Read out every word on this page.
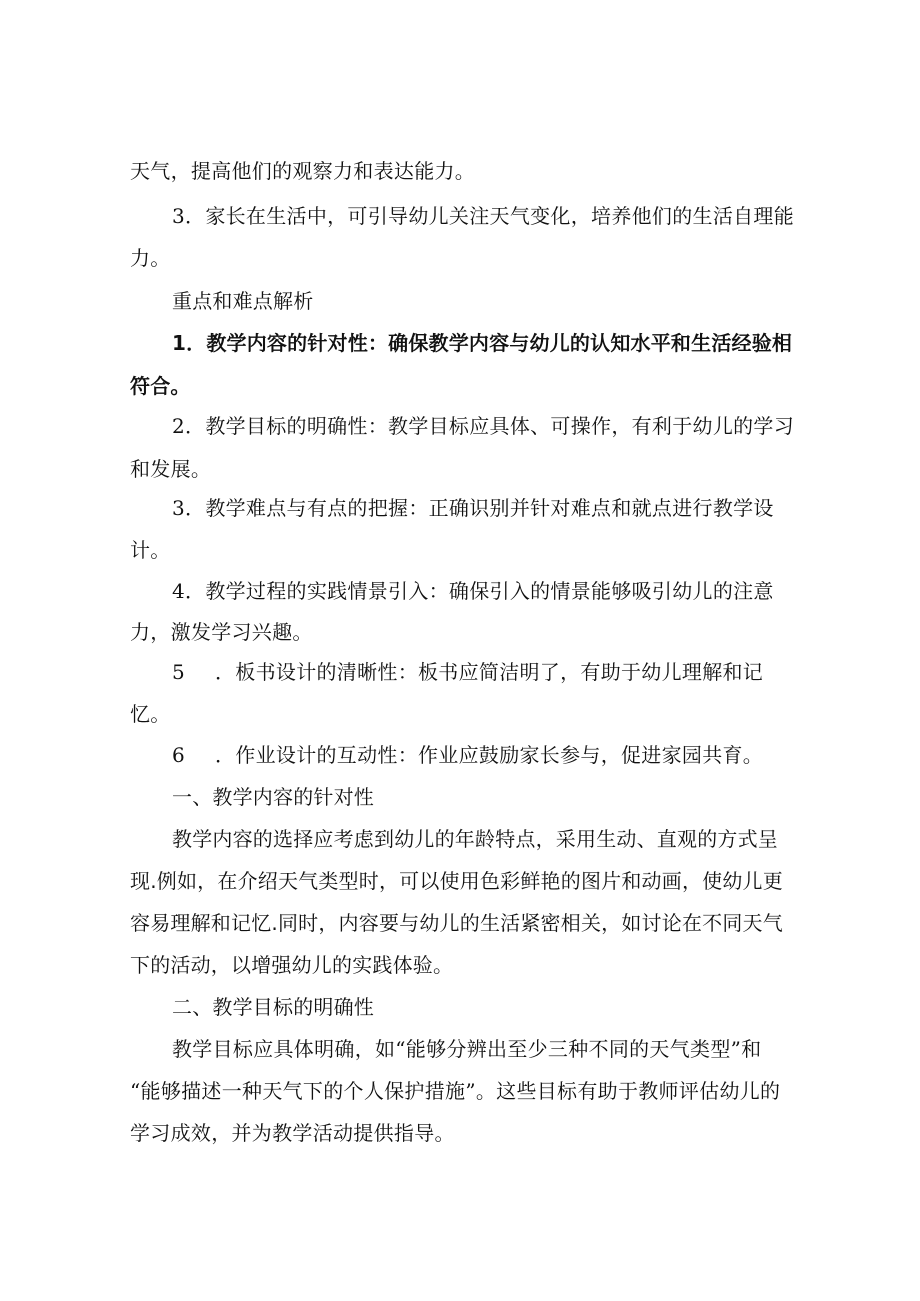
天气，提高他们的观察力和表达能力。
3．家长在生活中，可引导幼儿关注天气变化，培养他们的生活自理能
力。
重点和难点解析
1．教学内容的针对性：确保教学内容与幼儿的认知水平和生活经验相
符合。
2．教学目标的明确性：教学目标应具体、可操作，有利于幼儿的学习
和发展。
3．教学难点与有点的把握：正确识别并针对难点和就点进行教学设
计。
4．教学过程的实践情景引入：确保引入的情景能够吸引幼儿的注意
力，激发学习兴趣。
5 ．板书设计的清晰性：板书应简洁明了，有助于幼儿理解和记
忆。
6 ．作业设计的互动性：作业应鼓励家长参与，促进家园共育。
一、教学内容的针对性
教学内容的选择应考虑到幼儿的年龄特点，采用生动、直观的方式呈
现.例如，在介绍天气类型时，可以使用色彩鲜艳的图片和动画，使幼儿更
容易理解和记忆.同时，内容要与幼儿的生活紧密相关，如讨论在不同天气
下的活动，以增强幼儿的实践体验。
二、教学目标的明确性
教学目标应具体明确，如“能够分辨出至少三种不同的天气类型”和
“能够描述一种天气下的个人保护措施”。这些目标有助于教师评估幼儿的
学习成效，并为教学活动提供指导。
